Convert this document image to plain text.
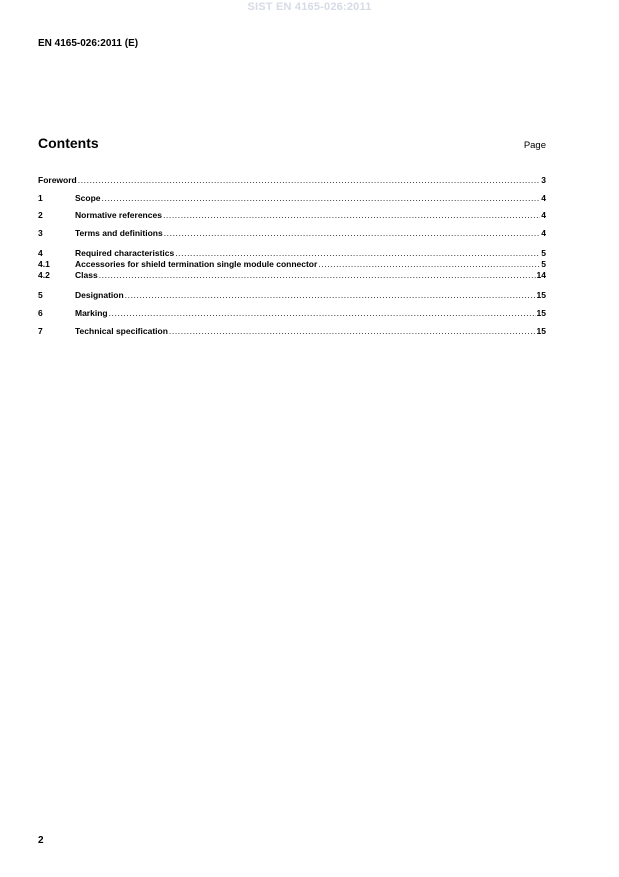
SIST EN 4165-026:2011
EN 4165-026:2011 (E)
Contents	Page
Foreword .....	3
1	Scope .....	4
2	Normative references .....	4
3	Terms and definitions .....	4
4	Required characteristics .....	5
4.1	Accessories for shield termination single module connector .....	5
4.2	Class .....	14
5	Designation .....	15
6	Marking .....	15
7	Technical specification .....	15
2
